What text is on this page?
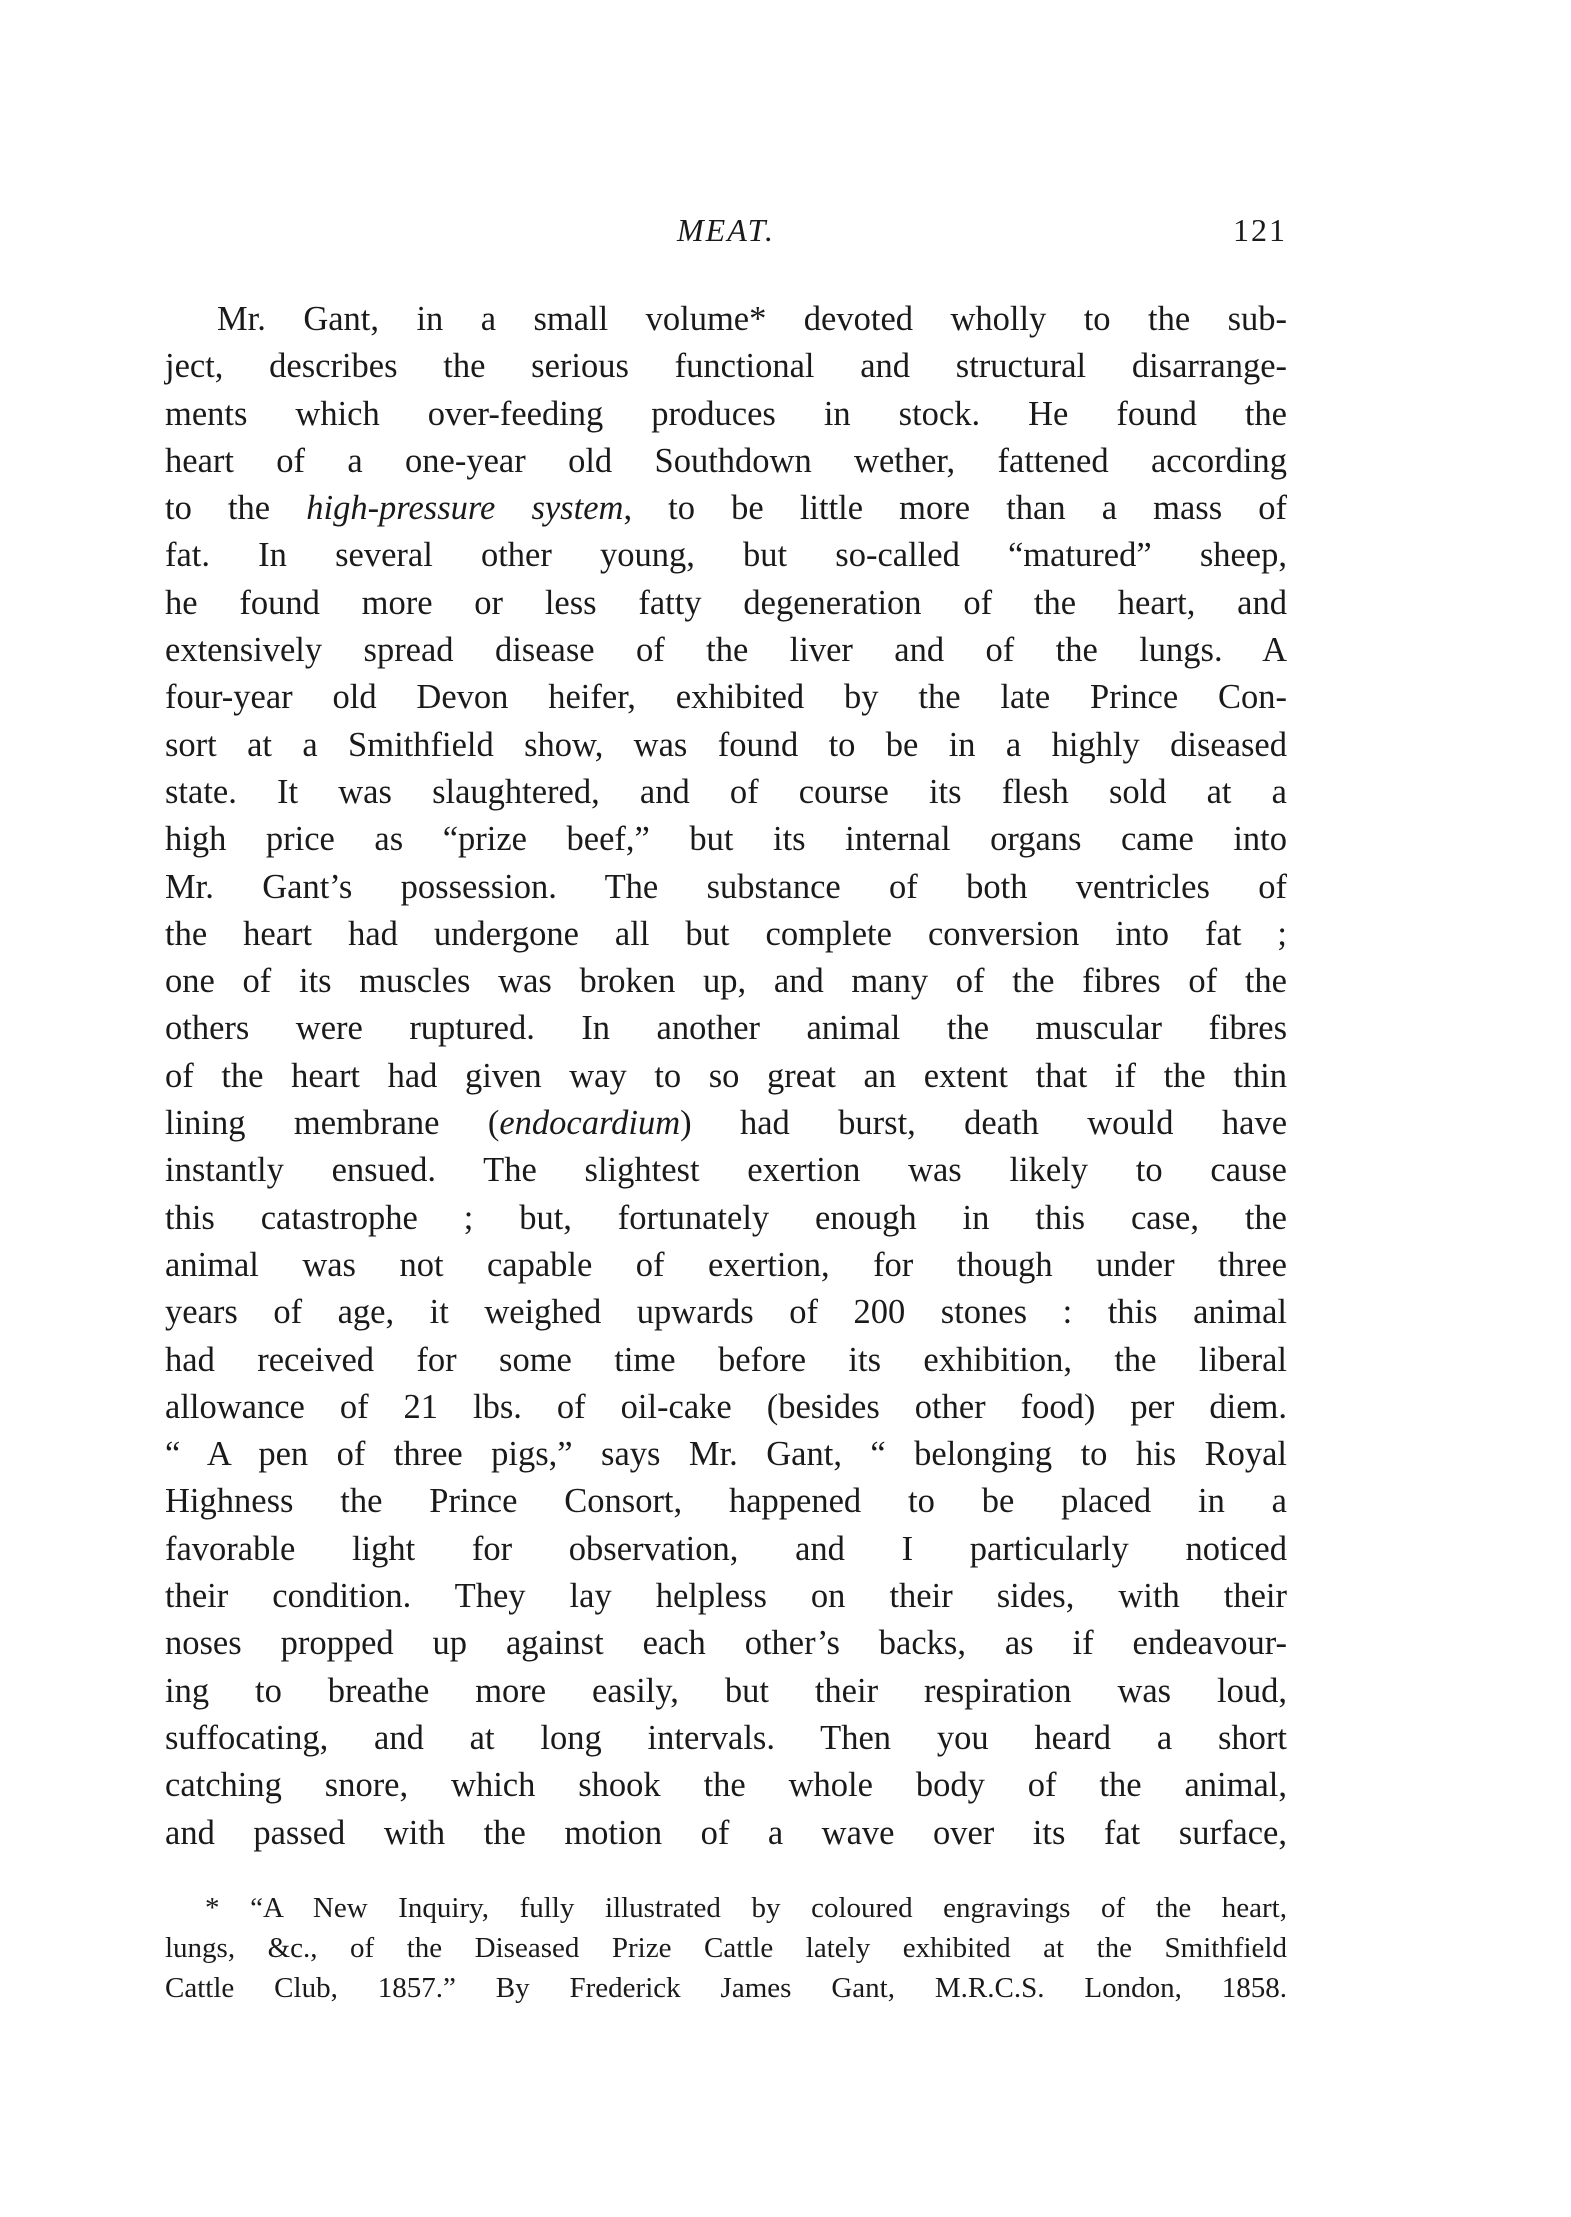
MEAT.	121
Mr. Gant, in a small volume* devoted wholly to the sub-
ject, describes the serious functional and structural disarrange-
ments which over-feeding produces in stock. He found the
heart of a one-year old Southdown wether, fattened according
to the high-pressure system, to be little more than a mass of
fat. In several other young, but so-called “matured” sheep,
he found more or less fatty degeneration of the heart, and
extensively spread disease of the liver and of the lungs. A
four-year old Devon heifer, exhibited by the late Prince Con-
sort at a Smithfield show, was found to be in a highly diseased
state. It was slaughtered, and of course its flesh sold at a
high price as “prize beef,” but its internal organs came into
Mr. Gant’s possession. The substance of both ventricles of
the heart had undergone all but complete conversion into fat ;
one of its muscles was broken up, and many of the fibres of the
others were ruptured. In another animal the muscular fibres
of the heart had given way to so great an extent that if the thin
lining membrane (endocardium) had burst, death would have
instantly ensued. The slightest exertion was likely to cause
this catastrophe ; but, fortunately enough in this case, the
animal was not capable of exertion, for though under three
years of age, it weighed upwards of 200 stones : this animal
had received for some time before its exhibition, the liberal
allowance of 21 lbs. of oil-cake (besides other food) per diem.
“ A pen of three pigs,” says Mr. Gant, “ belonging to his Royal
Highness the Prince Consort, happened to be placed in a
favorable light for observation, and I particularly noticed
their condition. They lay helpless on their sides, with their
noses propped up against each other’s backs, as if endeavour-
ing to breathe more easily, but their respiration was loud,
suffocating, and at long intervals. Then you heard a short
catching snore, which shook the whole body of the animal,
and passed with the motion of a wave over its fat surface,
* “A New Inquiry, fully illustrated by coloured engravings of the heart,
lungs, &c., of the Diseased Prize Cattle lately exhibited at the Smithfield
Cattle Club, 1857.” By Frederick James Gant, M.R.C.S. London, 1858.
